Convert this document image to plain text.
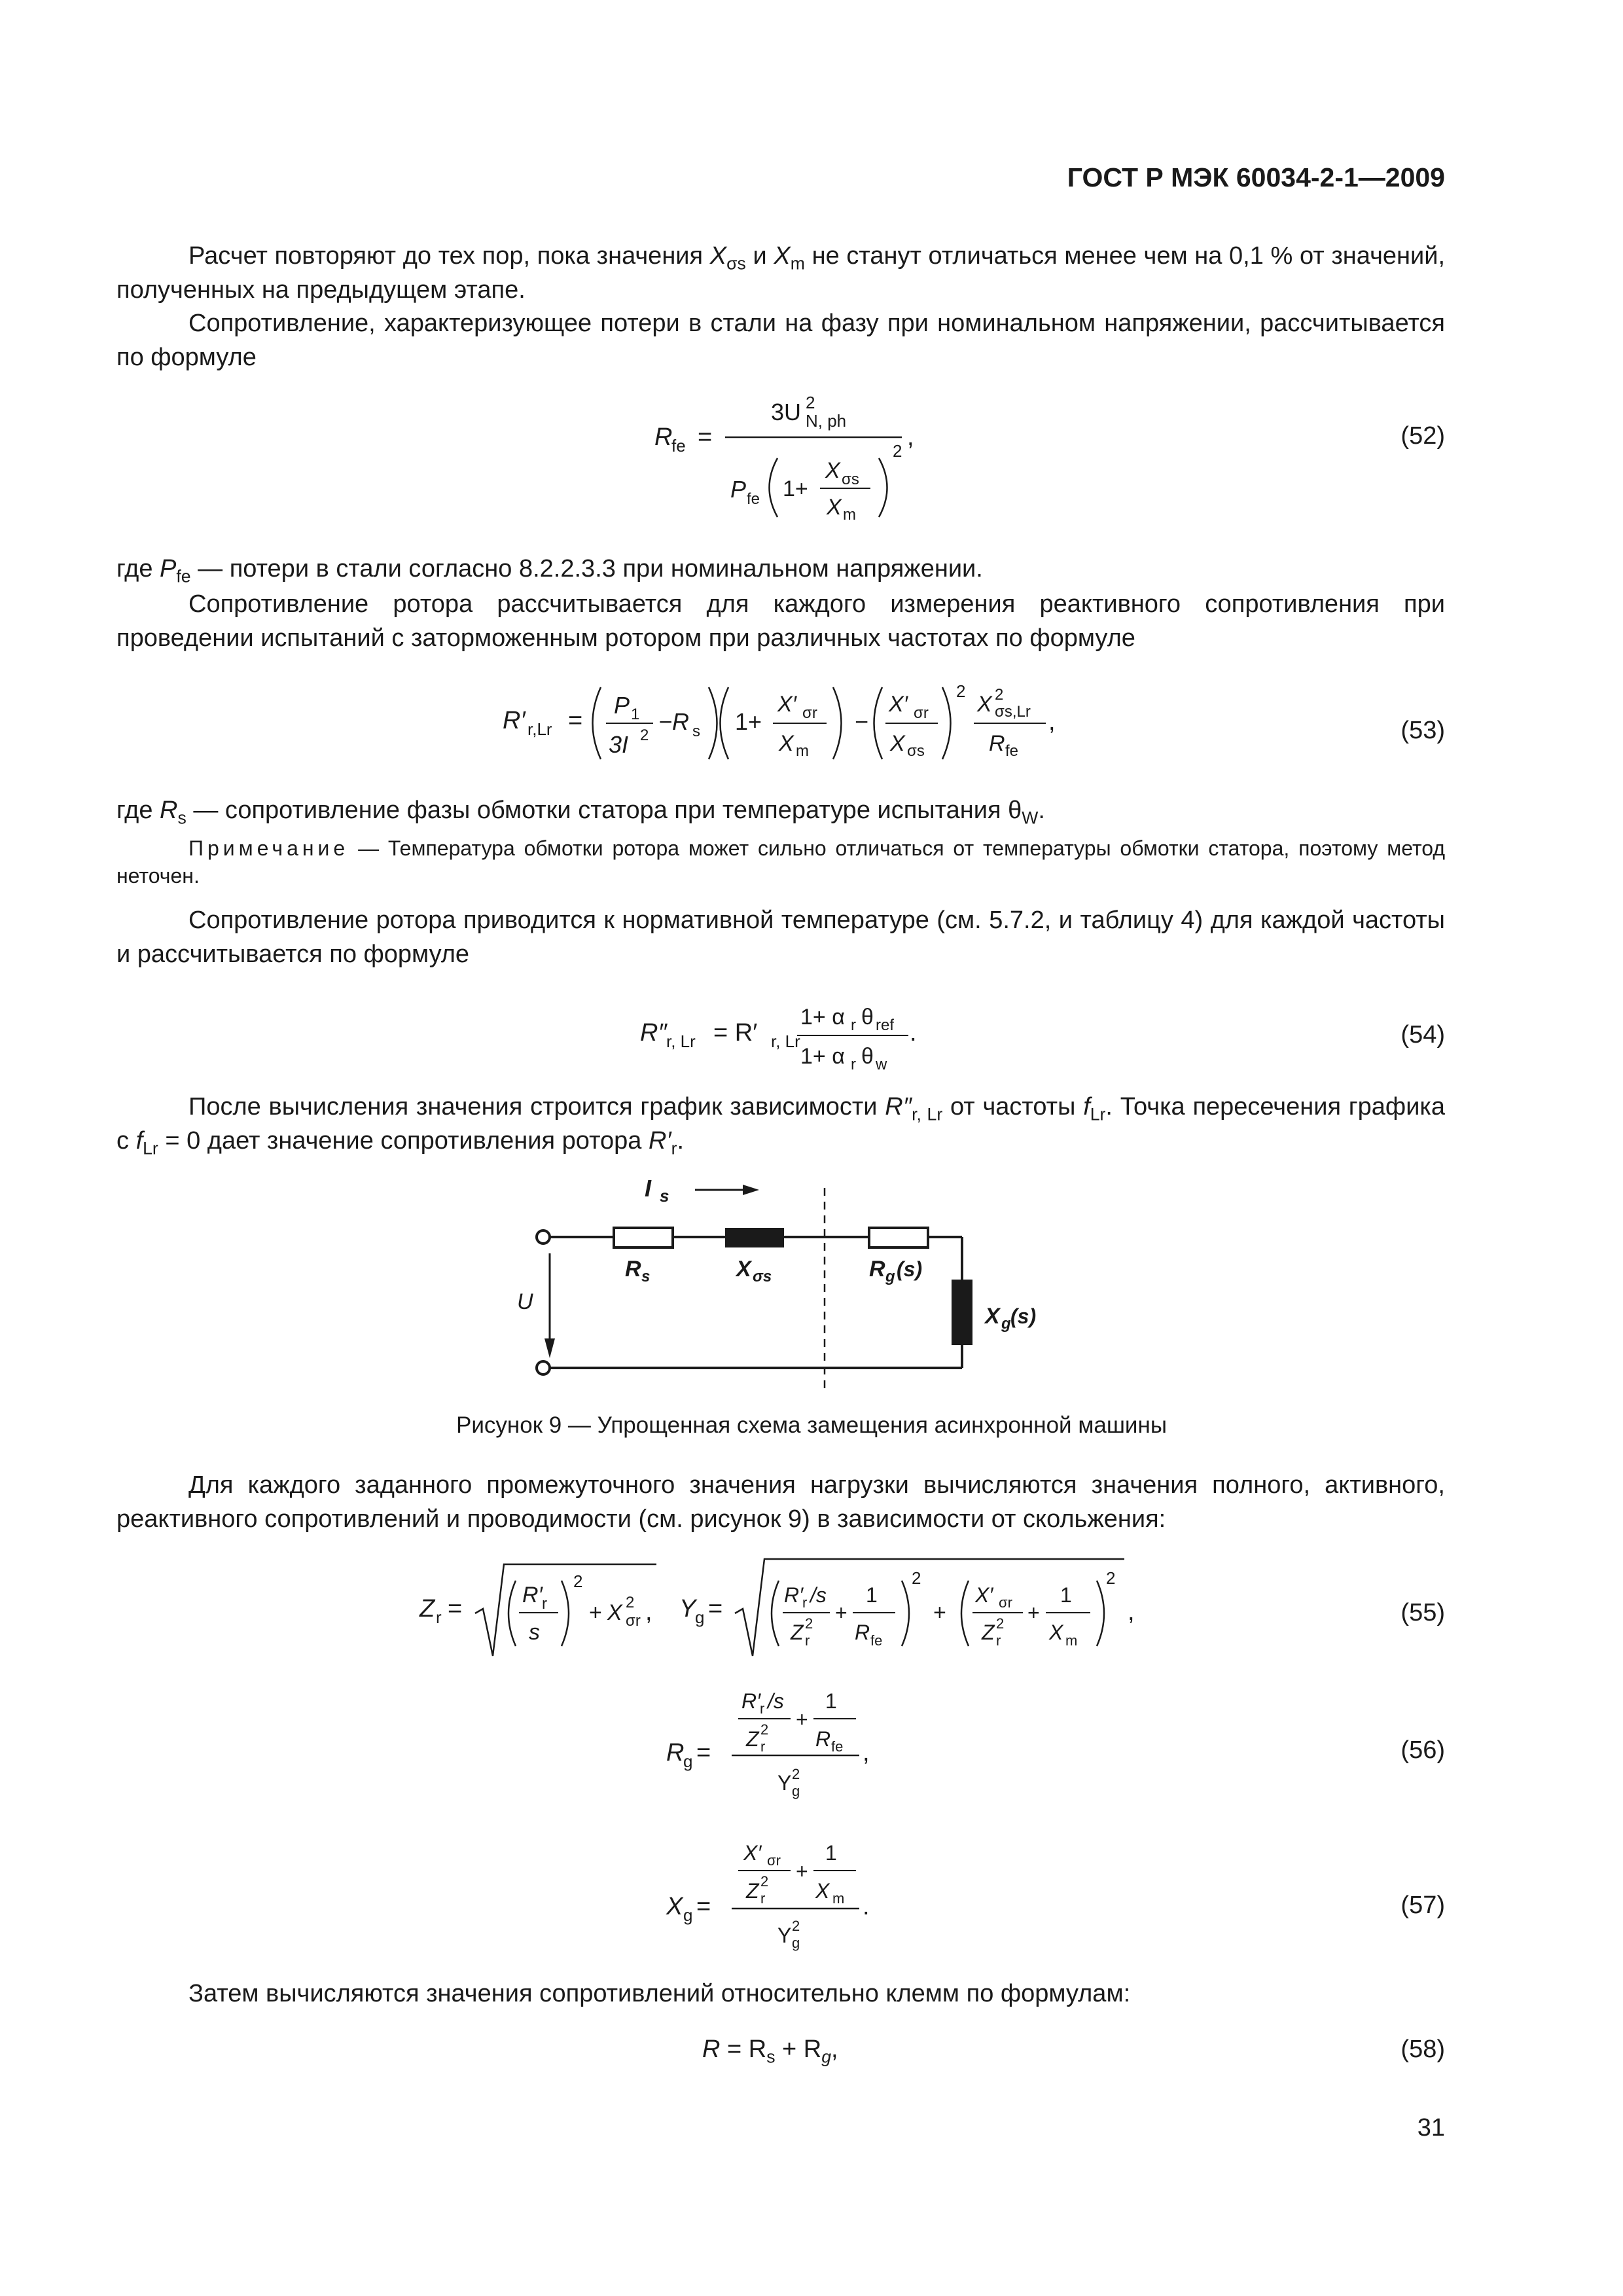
ГОСТ Р МЭК 60034-2-1—2009
Расчет повторяют до тех пор, пока значения $X_{\sigma s}$ и $X_m$ не станут отличаться менее чем на 0,1 % от значений, полученных на предыдущем этапе.
Сопротивление, характеризующее потери в стали на фазу при номинальном напряжении, рассчитывается по формуле
R
fe =
3U 2
N, ph
P fe 1+
X σs
X m
2 ,	(52)
где $P_{fe}$ — потери в стали согласно 8.2.2.3.3 при номинальном напряжении.
Сопротивление ротора рассчитывается для каждого измерения реактивного сопротивления при проведении испытаний с заторможенным ротором при различных частотах по формуле
R′ r,Lr =
P 1
3I 2
−R s 1+
X′ σr
X m
−
X′ σr
X σs
2
X 2
σs,Lr
R fe
,	(53)
где $R_s$ — сопротивление фазы обмотки статора при температуре испытания $\theta_W$.
Примечание — Температура обмотки ротора может сильно отличаться от температуры обмотки статора, поэтому метод неточен.
Сопротивление ротора приводится к нормативной температуре (см. 5.7.2, и таблицу 4) для каждой частоты и рассчитывается по формуле
R″ r, Lr = R′ r, Lr
1+ α r θ ref
1+ α r θ w
.	(54)
После вычисления значения строится график зависимости $R''_{r, Lr}$ от частоты $f_{Lr}$. Точка пересечения графика с $f_{Lr} = 0$ дает значение сопротивления ротора $R'_r$.
I s
R s	X σs	R g (s)
X g (s)
U
Рисунок 9 — Упрощенная схема замещения асинхронной машины
Для каждого заданного промежуточного значения нагрузки вычисляются значения полного, активного, реактивного сопротивлений и проводимости (см. рисунок 9) в зависимости от скольжения:
Z r =	R′ r
s
2
+ X 2
σr , Y
g =	R′
r /s
Z 2
r
+
1
R fe
2
+
X′ σr
Z 2
r
+
1
X m
2
,	(55)
R
g =
R′
r /s
Z 2
r
+
1
R fe
Y 2
g
,	(56)
X g =
X′ σr
Z 2
r
+
1
X m
Y 2
g
.	(57)
Затем вычисляются значения сопротивлений относительно клемм по формулам:
$R = R_s + R_g$,	(58)
31
